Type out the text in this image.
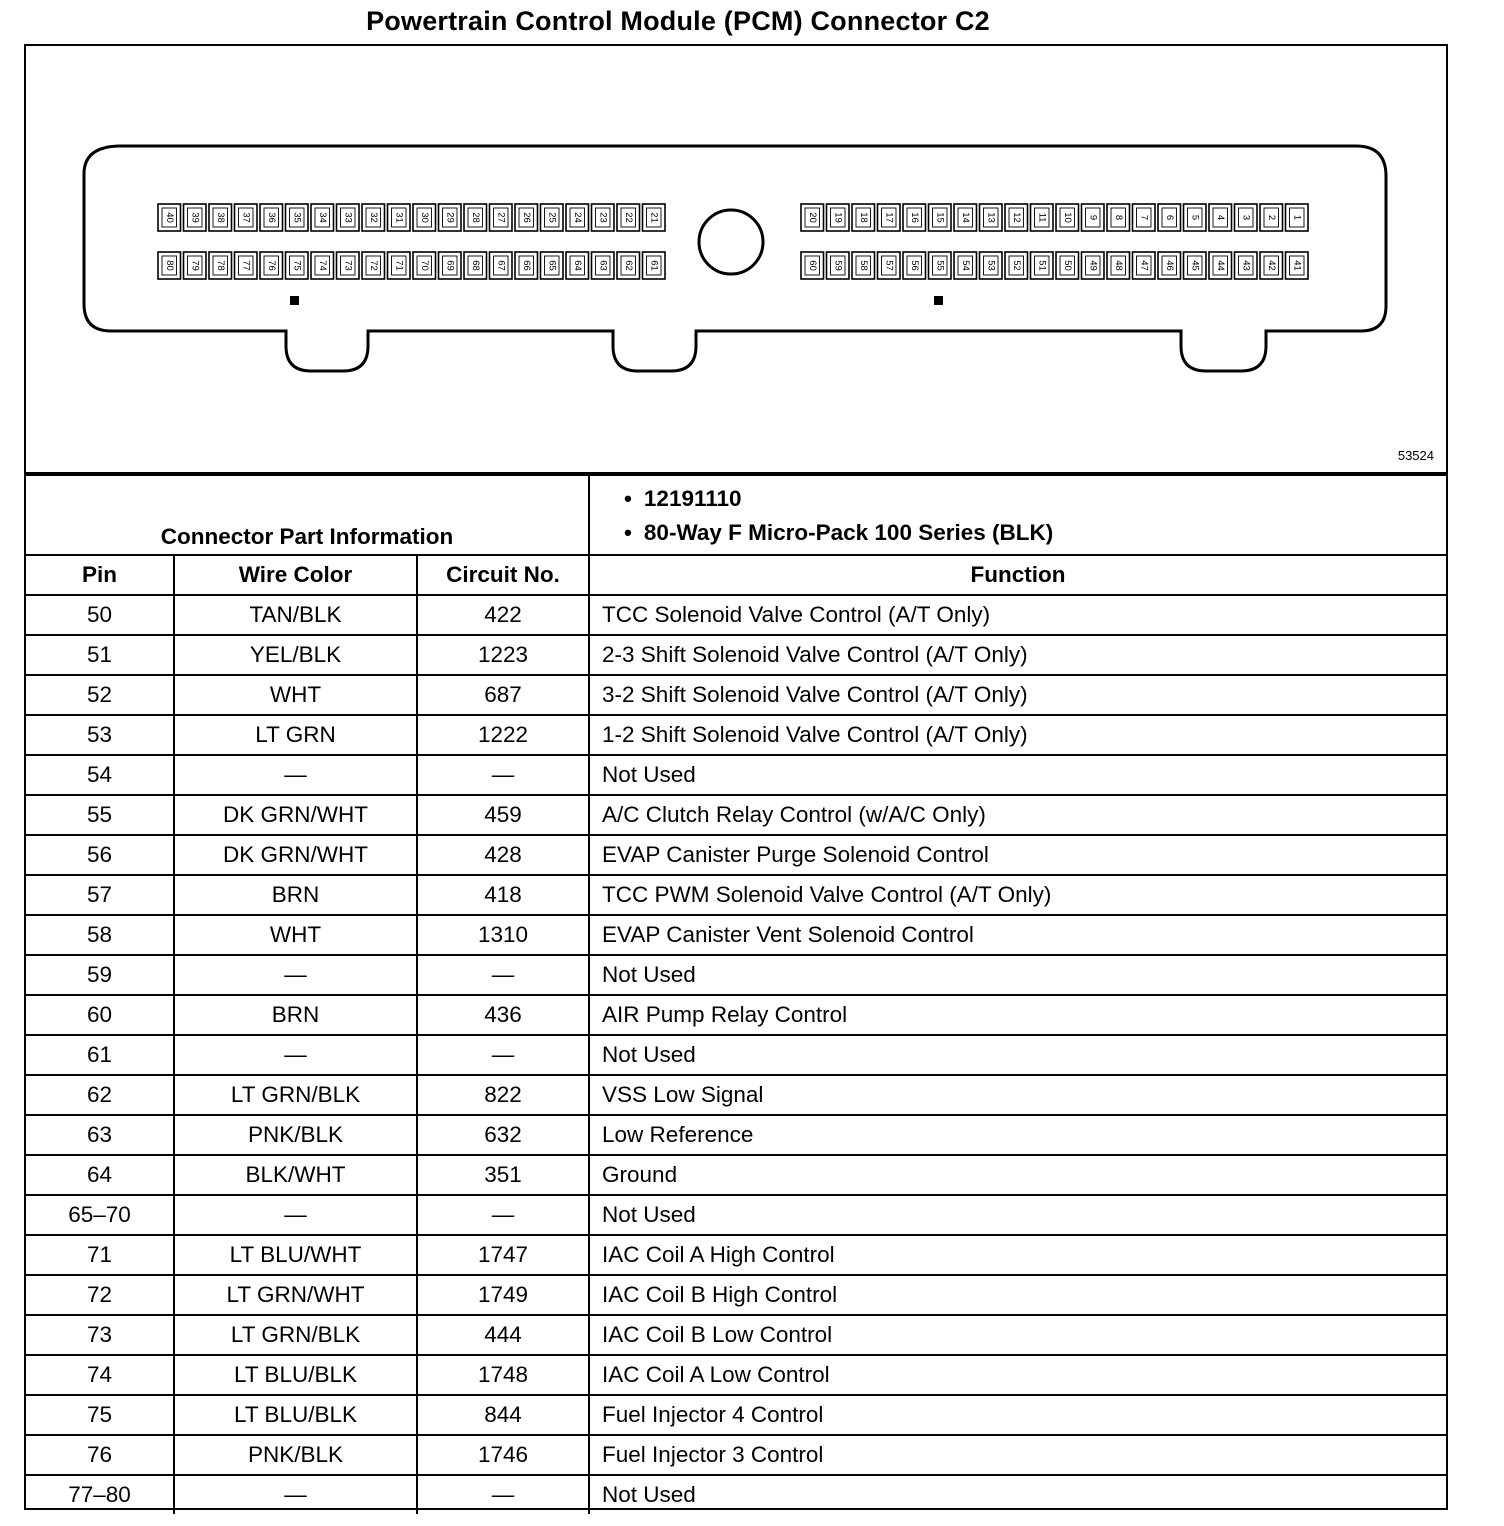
Powertrain Control Module (PCM) Connector C2
40 39 38 37 36 35 34 33 32 31 30 29 28 27 26 25 24 23 22 21
80 79 78 77 76 75 74 73 72 71 70 69 68 67 66 65 64 63 62 61
20 19 18 17 16 15 14 13 12 11 10 9 8 7 6 5 4 3 2 1
60 59 58 57 56 55 54 53 52 51 50 49 48 47 46 45 44 43 42 41
53524
Connector Part Information			• 12191110
• 80-Way F Micro-Pack 100 Series (BLK)

Pin	Wire Color	Circuit No.	Function
50	TAN/BLK	422	TCC Solenoid Valve Control (A/T Only)
51	YEL/BLK	1223	2-3 Shift Solenoid Valve Control (A/T Only)
52	WHT	687	3-2 Shift Solenoid Valve Control (A/T Only)
53	LT GRN	1222	1-2 Shift Solenoid Valve Control (A/T Only)
54	—	—	Not Used
55	DK GRN/WHT	459	A/C Clutch Relay Control (w/A/C Only)
56	DK GRN/WHT	428	EVAP Canister Purge Solenoid Control
57	BRN	418	TCC PWM Solenoid Valve Control (A/T Only)
58	WHT	1310	EVAP Canister Vent Solenoid Control
59	—	—	Not Used
60	BRN	436	AIR Pump Relay Control
61	—	—	Not Used
62	LT GRN/BLK	822	VSS Low Signal
63	PNK/BLK	632	Low Reference
64	BLK/WHT	351	Ground
65–70	—	—	Not Used
71	LT BLU/WHT	1747	IAC Coil A High Control
72	LT GRN/WHT	1749	IAC Coil B High Control
73	LT GRN/BLK	444	IAC Coil B Low Control
74	LT BLU/BLK	1748	IAC Coil A Low Control
75	LT BLU/BLK	844	Fuel Injector 4 Control
76	PNK/BLK	1746	Fuel Injector 3 Control
77–80	—	—	Not Used
